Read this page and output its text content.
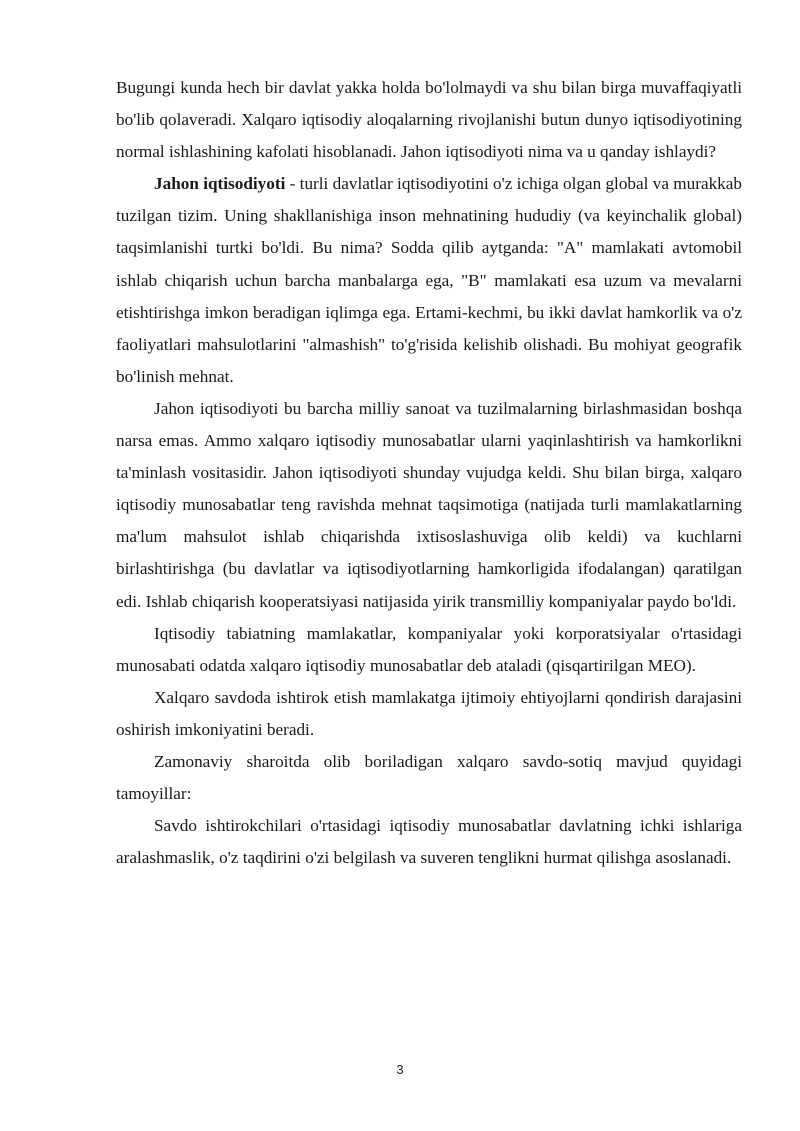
Bugungi kunda hech bir davlat yakka holda bo'lolmaydi va shu bilan birga muvaffaqiyatli bo'lib qolaveradi. Xalqaro iqtisodiy aloqalarning rivojlanishi butun dunyo iqtisodiyotining normal ishlashining kafolati hisoblanadi. Jahon iqtisodiyoti nima va u qanday ishlaydi?

Jahon iqtisodiyoti - turli davlatlar iqtisodiyotini o'z ichiga olgan global va murakkab tuzilgan tizim. Uning shakllanishiga inson mehnatining hududiy (va keyinchalik global) taqsimlanishi turtki bo'ldi. Bu nima? Sodda qilib aytganda: "A" mamlakati avtomobil ishlab chiqarish uchun barcha manbalarga ega, "B" mamlakati esa uzum va mevalarni etishtirishga imkon beradigan iqlimga ega. Ertami-kechmi, bu ikki davlat hamkorlik va o'z faoliyatlari mahsulotlarini "almashish" to'g'risida kelishib olishadi. Bu mohiyat geografik bo'linish mehnat.

Jahon iqtisodiyoti bu barcha milliy sanoat va tuzilmalarning birlashmasidan boshqa narsa emas. Ammo xalqaro iqtisodiy munosabatlar ularni yaqinlashtirish va hamkorlikni ta'minlash vositasidir. Jahon iqtisodiyoti shunday vujudga keldi. Shu bilan birga, xalqaro iqtisodiy munosabatlar teng ravishda mehnat taqsimotiga (natijada turli mamlakatlarning ma'lum mahsulot ishlab chiqarishda ixtisoslashuviga olib keldi) va kuchlarni birlashtirishga (bu davlatlar va iqtisodiyotlarning hamkorligida ifodalangan) qaratilgan edi. Ishlab chiqarish kooperatsiyasi natijasida yirik transmilliy kompaniyalar paydo bo'ldi.

Iqtisodiy tabiatning mamlakatlar, kompaniyalar yoki korporatsiyalar o'rtasidagi munosabati odatda xalqaro iqtisodiy munosabatlar deb ataladi (qisqartirilgan MEO).

Xalqaro savdoda ishtirok etish mamlakatga ijtimoiy ehtiyojlarni qondirish darajasini oshirish imkoniyatini beradi.

Zamonaviy sharoitda olib boriladigan xalqaro savdo-sotiq mavjud quyidagi tamoyillar:

Savdo ishtirokchilari o'rtasidagi iqtisodiy munosabatlar davlatning ichki ishlariga aralashmaslik, o'z taqdirini o'zi belgilash va suveren tenglikni hurmat qilishga asoslanadi.

3
